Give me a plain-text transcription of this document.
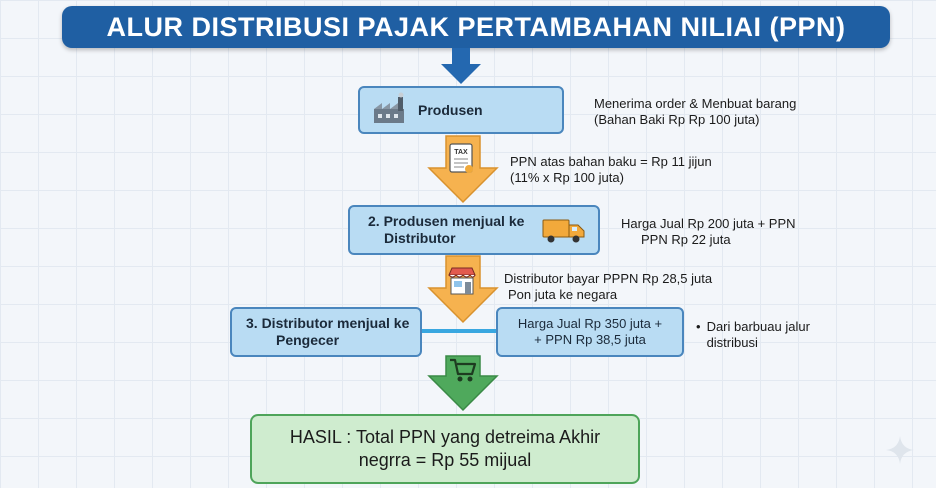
ALUR DISTRIBUSI PAJAK PERTAMBAHAN NILIAI (PPN)
Produsen	Menerima order & Menbuat barang
(Bahan Baki Rp Rp 100 juta)
TAX
PPN atas bahan baku = Rp 11 jijun
(11% x Rp 100 juta)
2. Produsen menjual ke
Distributor
Harga Jual Rp 200 juta + PPN
PPN Rp 22 juta
Distributor bayar PPPN Rp 28,5 juta
Pon juta ke negara
3. Distributor menjual ke
Pengecer
Harga Jual Rp 350 juta +
+ PPN Rp 38,5 juta
• Dari barbuau jalur
distribusi
HASIL : Total PPN yang detreima Akhir
negrra = Rp 55 mijual
